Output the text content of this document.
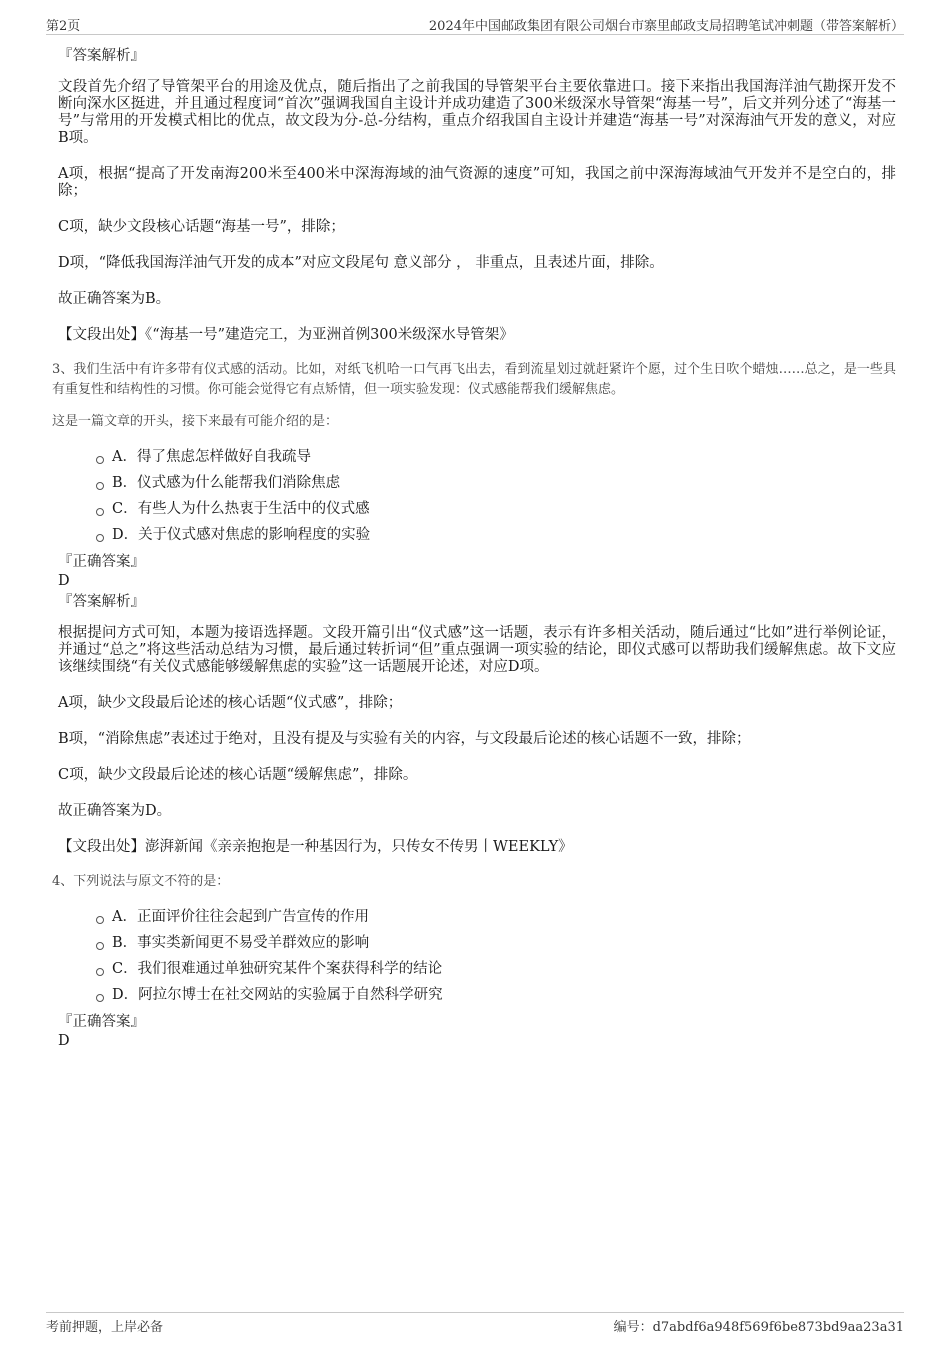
第2页	2024年中国邮政集团有限公司烟台市寨里邮政支局招聘笔试冲刺题（带答案解析）
『答案解析』

文段首先介绍了导管架平台的用途及优点，随后指出了之前我国的导管架平台主要依靠进口。接下来指出我国海洋油气勘探开发不断向深水区挺进，并且通过程度词“首次”强调我国自主设计并成功建造了300米级深水导管架“海基一号”，后文并列分述了“海基一号”与常用的开发模式相比的优点，故文段为分-总-分结构，重点介绍我国自主设计并建造“海基一号”对深海油气开发的意义，对应B项。

A项，根据“提高了开发南海200米至400米中深海海域的油气资源的速度”可知，我国之前中深海海域油气开发并不是空白的，排除；

C项，缺少文段核心话题“海基一号”，排除；

D项，“降低我国海洋油气开发的成本”对应文段尾句 意义部分 ， 非重点，且表述片面，排除。

故正确答案为B。

【文段出处】《“海基一号”建造完工，为亚洲首例300米级深水导管架》

3、我们生活中有许多带有仪式感的活动。比如，对纸飞机哈一口气再飞出去，看到流星划过就赶紧许个愿，过个生日吹个蜡烛……总之，是一些具有重复性和结构性的习惯。你可能会觉得它有点矫情，但一项实验发现：仪式感能帮我们缓解焦虑。

这是一篇文章的开头，接下来最有可能介绍的是：

A．得了焦虑怎样做好自我疏导
B．仪式感为什么能帮我们消除焦虑
C．有些人为什么热衷于生活中的仪式感
D．关于仪式感对焦虑的影响程度的实验
『正确答案』
D
『答案解析』

根据提问方式可知，本题为接语选择题。文段开篇引出“仪式感”这一话题，表示有许多相关活动，随后通过“比如”进行举例论证，并通过“总之”将这些活动总结为习惯，最后通过转折词“但”重点强调一项实验的结论，即仪式感可以帮助我们缓解焦虑。故下文应该继续围绕“有关仪式感能够缓解焦虑的实验”这一话题展开论述，对应D项。

A项，缺少文段最后论述的核心话题“仪式感”，排除；

B项，“消除焦虑”表述过于绝对，且没有提及与实验有关的内容，与文段最后论述的核心话题不一致，排除；

C项，缺少文段最后论述的核心话题“缓解焦虑”，排除。

故正确答案为D。

【文段出处】澎湃新闻《亲亲抱抱是一种基因行为，只传女不传男丨WEEKLY》

4、下列说法与原文不符的是：

A．正面评价往往会起到广告宣传的作用
B．事实类新闻更不易受羊群效应的影响
C．我们很难通过单独研究某件个案获得科学的结论
D．阿拉尔博士在社交网站的实验属于自然科学研究
『正确答案』
D
考前押题，上岸必备	编号：d7abdf6a948f569f6be873bd9aa23a31
